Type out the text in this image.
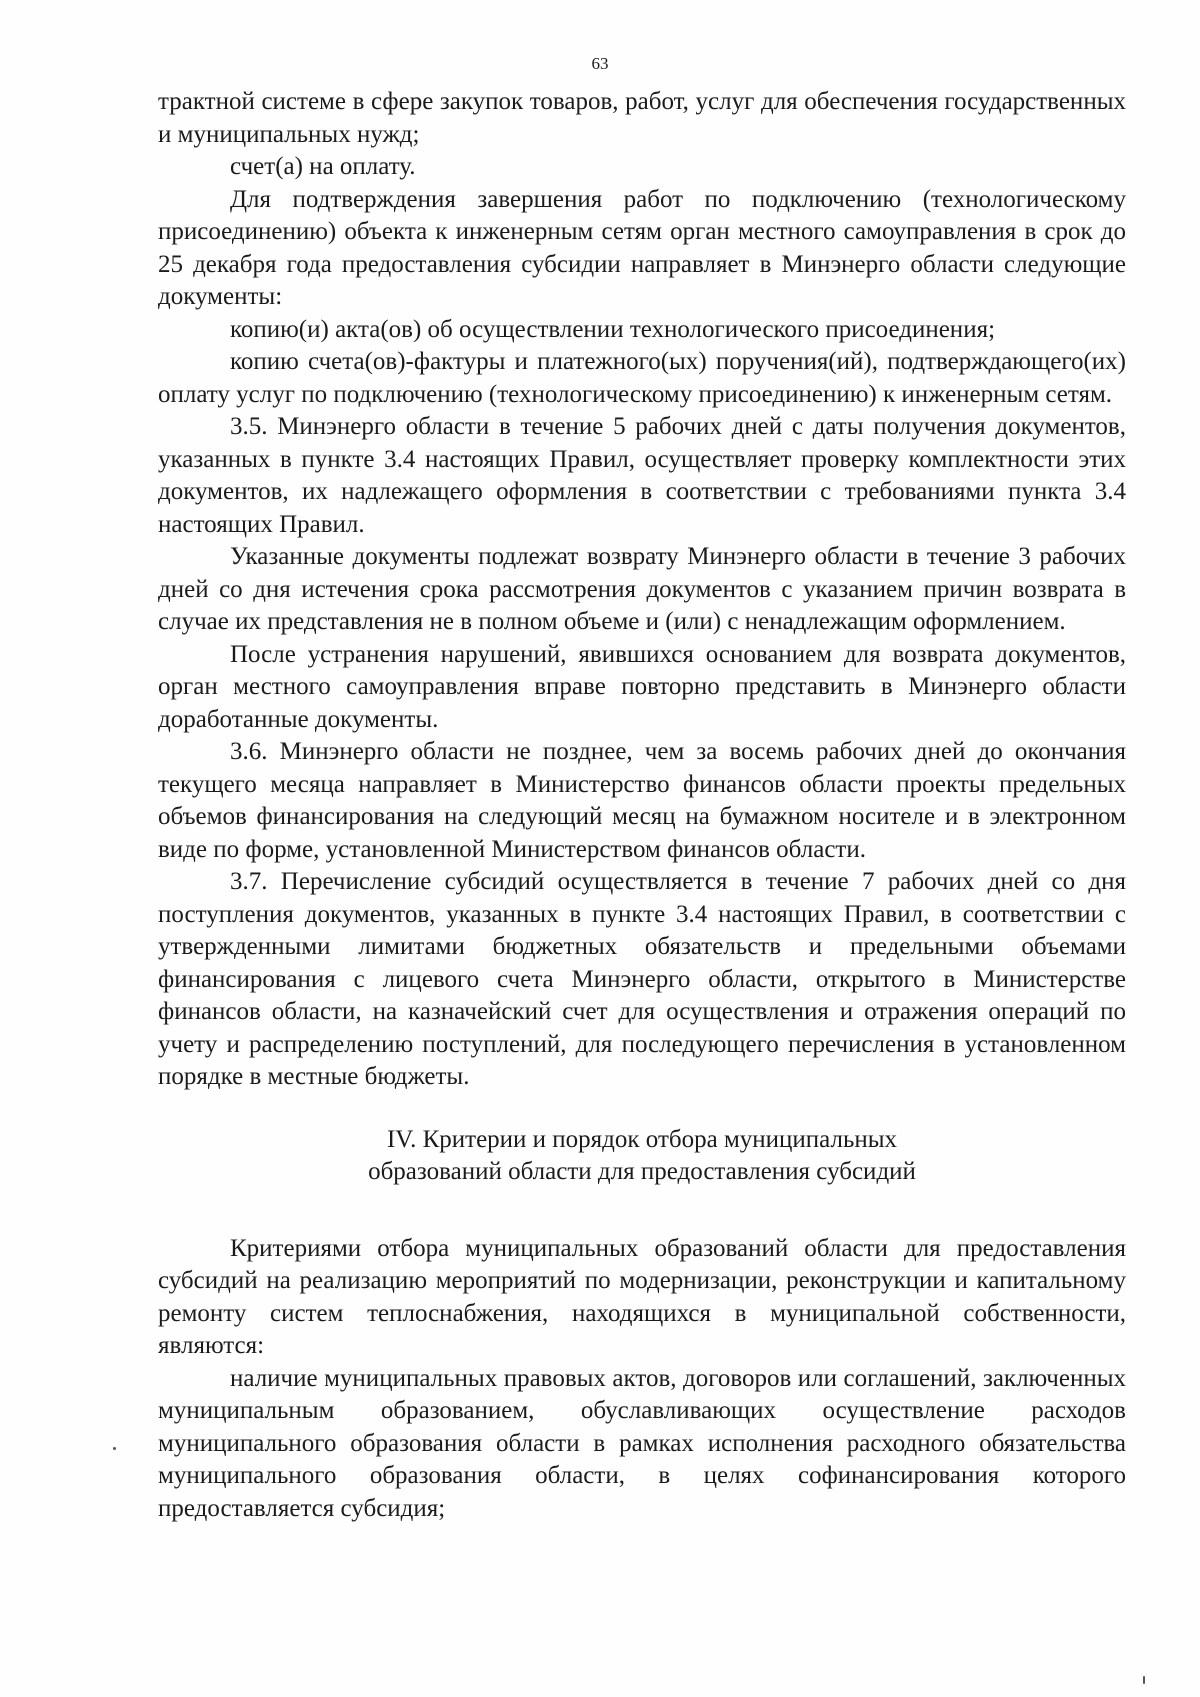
63

трактной системе в сфере закупок товаров, работ, услуг для обеспечения государственных и муниципальных нужд;

счет(а) на оплату.

Для подтверждения завершения работ по подключению (технологическому присоединению) объекта к инженерным сетям орган местного самоуправления в срок до 25 декабря года предоставления субсидии направляет в Минэнерго области следующие документы:

копию(и) акта(ов) об осуществлении технологического присоединения;

копию счета(ов)-фактуры и платежного(ых) поручения(ий), подтверждающего(их) оплату услуг по подключению (технологическому присоединению) к инженерным сетям.

3.5. Минэнерго области в течение 5 рабочих дней с даты получения документов, указанных в пункте 3.4 настоящих Правил, осуществляет проверку комплектности этих документов, их надлежащего оформления в соответствии с требованиями пункта 3.4 настоящих Правил.

Указанные документы подлежат возврату Минэнерго области в течение 3 рабочих дней со дня истечения срока рассмотрения документов с указанием причин возврата в случае их представления не в полном объеме и (или) с ненадлежащим оформлением.

После устранения нарушений, явившихся основанием для возврата документов, орган местного самоуправления вправе повторно представить в Минэнерго области доработанные документы.

3.6. Минэнерго области не позднее, чем за восемь рабочих дней до окончания текущего месяца направляет в Министерство финансов области проекты предельных объемов финансирования на следующий месяц на бумажном носителе и в электронном виде по форме, установленной Министерством финансов области.

3.7. Перечисление субсидий осуществляется в течение 7 рабочих дней со дня поступления документов, указанных в пункте 3.4 настоящих Правил, в соответствии с утвержденными лимитами бюджетных обязательств и предельными объемами финансирования с лицевого счета Минэнерго области, открытого в Министерстве финансов области, на казначейский счет для осуществления и отражения операций по учету и распределению поступлений, для последующего перечисления в установленном порядке в местные бюджеты.

IV. Критерии и порядок отбора муниципальных
образований области для предоставления субсидий

Критериями отбора муниципальных образований области для предоставления субсидий на реализацию мероприятий по модернизации, реконструкции и капитальному ремонту систем теплоснабжения, находящихся в муниципальной собственности, являются:

наличие муниципальных правовых актов, договоров или соглашений, заключенных муниципальным образованием, обуславливающих осуществление расходов муниципального образования области в рамках исполнения расходного обязательства муниципального образования области, в целях софинансирования которого предоставляется субсидия;
